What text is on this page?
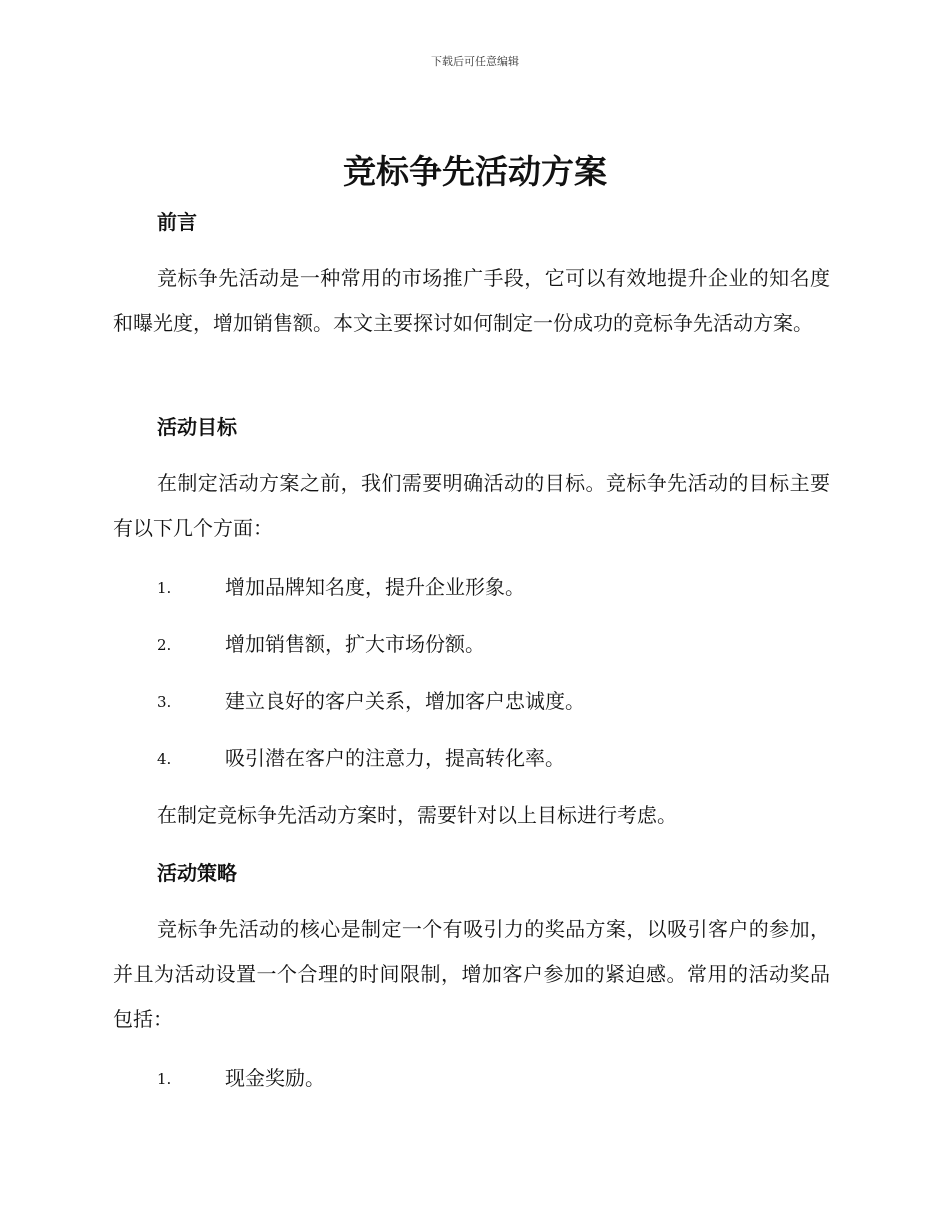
下载后可任意编辑
竞标争先活动方案
前言

竞标争先活动是一种常用的市场推广手段，它可以有效地提升企业的知名度和曝光度，增加销售额。本文主要探讨如何制定一份成功的竞标争先活动方案。

活动目标

在制定活动方案之前，我们需要明确活动的目标。竞标争先活动的目标主要有以下几个方面：

1.	增加品牌知名度，提升企业形象。
2.	增加销售额，扩大市场份额。
3.	建立良好的客户关系，增加客户忠诚度。
4.	吸引潜在客户的注意力，提高转化率。

在制定竞标争先活动方案时，需要针对以上目标进行考虑。

活动策略

竞标争先活动的核心是制定一个有吸引力的奖品方案，以吸引客户的参加，并且为活动设置一个合理的时间限制，增加客户参加的紧迫感。常用的活动奖品包括：

1.	现金奖励。
